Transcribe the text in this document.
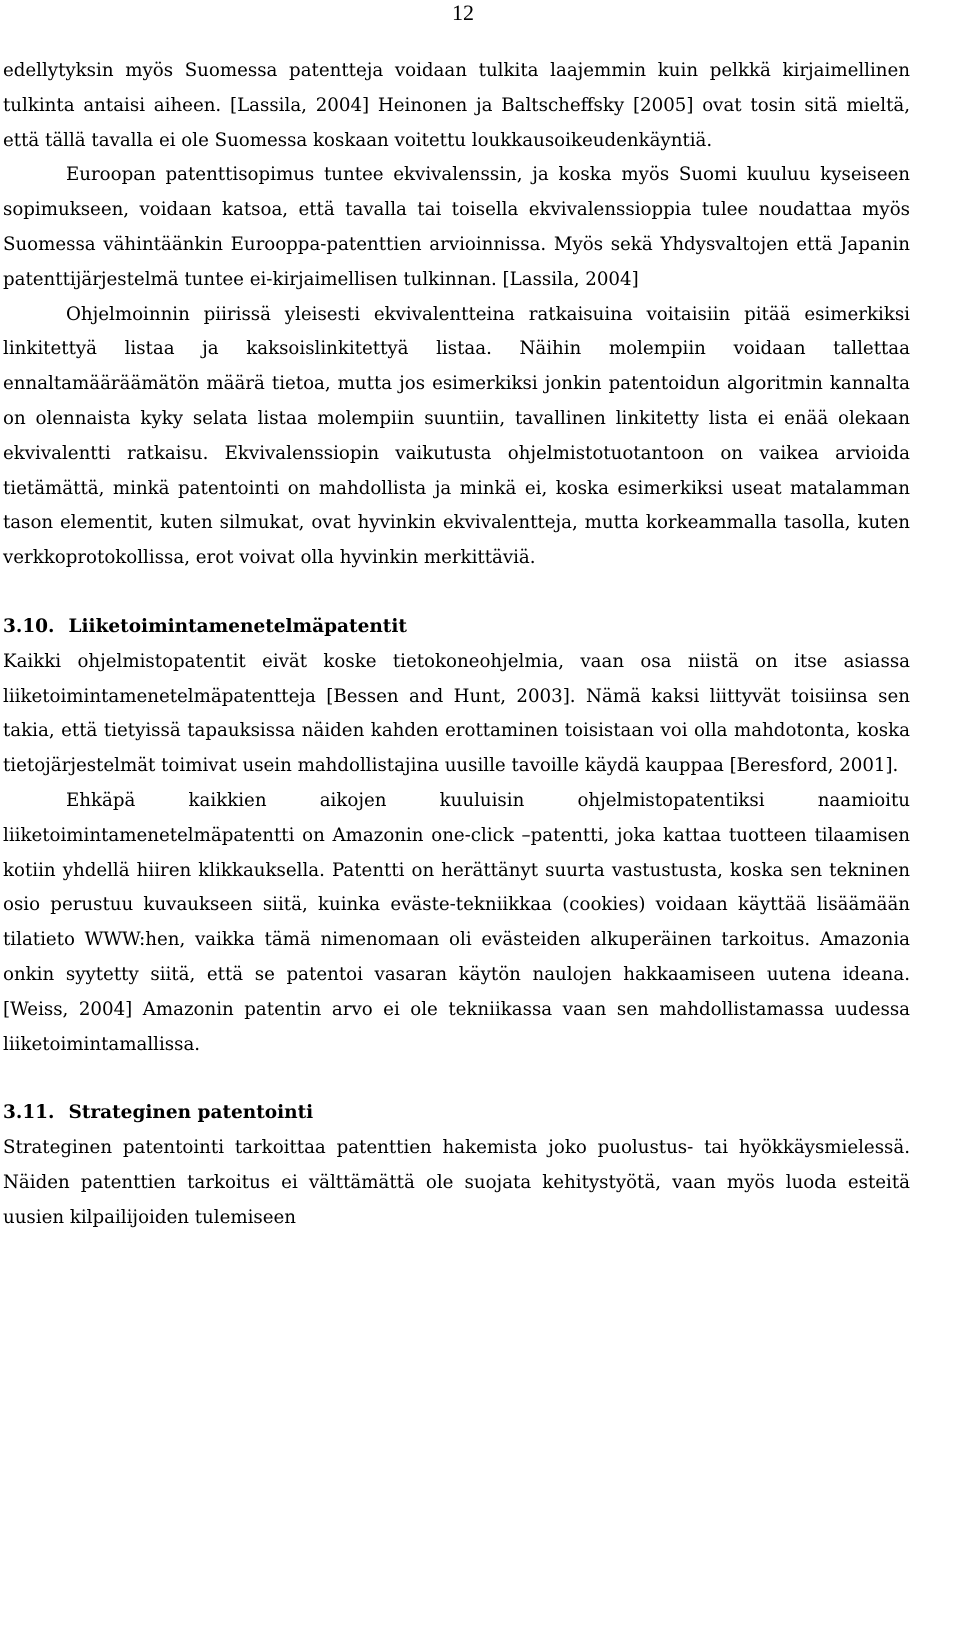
12

edellytyksin myös Suomessa patentteja voidaan tulkita laajemmin kuin pelkkä kirjaimellinen tulkinta antaisi aiheen. [Lassila, 2004] Heinonen ja Baltscheffsky [2005] ovat tosin sitä mieltä, että tällä tavalla ei ole Suomessa koskaan voitettu loukkausoikeudenkäyntiä.

Euroopan patenttisopimus tuntee ekvivalenssin, ja koska myös Suomi kuuluu kyseiseen sopimukseen, voidaan katsoa, että tavalla tai toisella ekvivalenssioppia tulee noudattaa myös Suomessa vähintäänkin Eurooppa-patenttien arvioinnissa. Myös sekä Yhdysvaltojen että Japanin patenttijärjestelmä tuntee ei-kirjaimellisen tulkinnan. [Lassila, 2004]

Ohjelmoinnin piirissä yleisesti ekvivalentteina ratkaisuina voitaisiin pitää esimerkiksi linkitettyä listaa ja kaksoislinkitettyä listaa. Näihin molempiin voidaan tallettaa ennaltamääräämätön määrä tietoa, mutta jos esimerkiksi jonkin patentoidun algoritmin kannalta on olennaista kyky selata listaa molempiin suuntiin, tavallinen linkitetty lista ei enää olekaan ekvivalentti ratkaisu. Ekvivalenssiopin vaikutusta ohjelmistotuotantoon on vaikea arvioida tietämättä, minkä patentointi on mahdollista ja minkä ei, koska esimerkiksi useat matalamman tason elementit, kuten silmukat, ovat hyvinkin ekvivalentteja, mutta korkeammalla tasolla, kuten verkkoprotokollissa, erot voivat olla hyvinkin merkittäviä.

3.10. Liiketoimintamenetelmäpatentit

Kaikki ohjelmistopatentit eivät koske tietokoneohjelmia, vaan osa niistä on itse asiassa liiketoimintamenetelmäpatentteja [Bessen and Hunt, 2003]. Nämä kaksi liittyvät toisiinsa sen takia, että tietyissä tapauksissa näiden kahden erottaminen toisistaan voi olla mahdotonta, koska tietojärjestelmät toimivat usein mahdollistajina uusille tavoille käydä kauppaa [Beresford, 2001].

Ehkäpä kaikkien aikojen kuuluisin ohjelmistopatentiksi naamioitu liiketoimintamenetelmäpatentti on Amazonin one-click –patentti, joka kattaa tuotteen tilaamisen kotiin yhdellä hiiren klikkauksella. Patentti on herättänyt suurta vastustusta, koska sen tekninen osio perustuu kuvaukseen siitä, kuinka eväste-tekniikkaa (cookies) voidaan käyttää lisäämään tilatieto WWW:hen, vaikka tämä nimenomaan oli evästeiden alkuperäinen tarkoitus. Amazonia onkin syytetty siitä, että se patentoi vasaran käytön naulojen hakkaamiseen uutena ideana. [Weiss, 2004] Amazonin patentin arvo ei ole tekniikassa vaan sen mahdollistamassa uudessa liiketoimintamallissa.

3.11. Strateginen patentointi

Strateginen patentointi tarkoittaa patenttien hakemista joko puolustus- tai hyökkäysmielessä. Näiden patenttien tarkoitus ei välttämättä ole suojata kehitystyötä, vaan myös luoda esteitä uusien kilpailijoiden tulemiseen
